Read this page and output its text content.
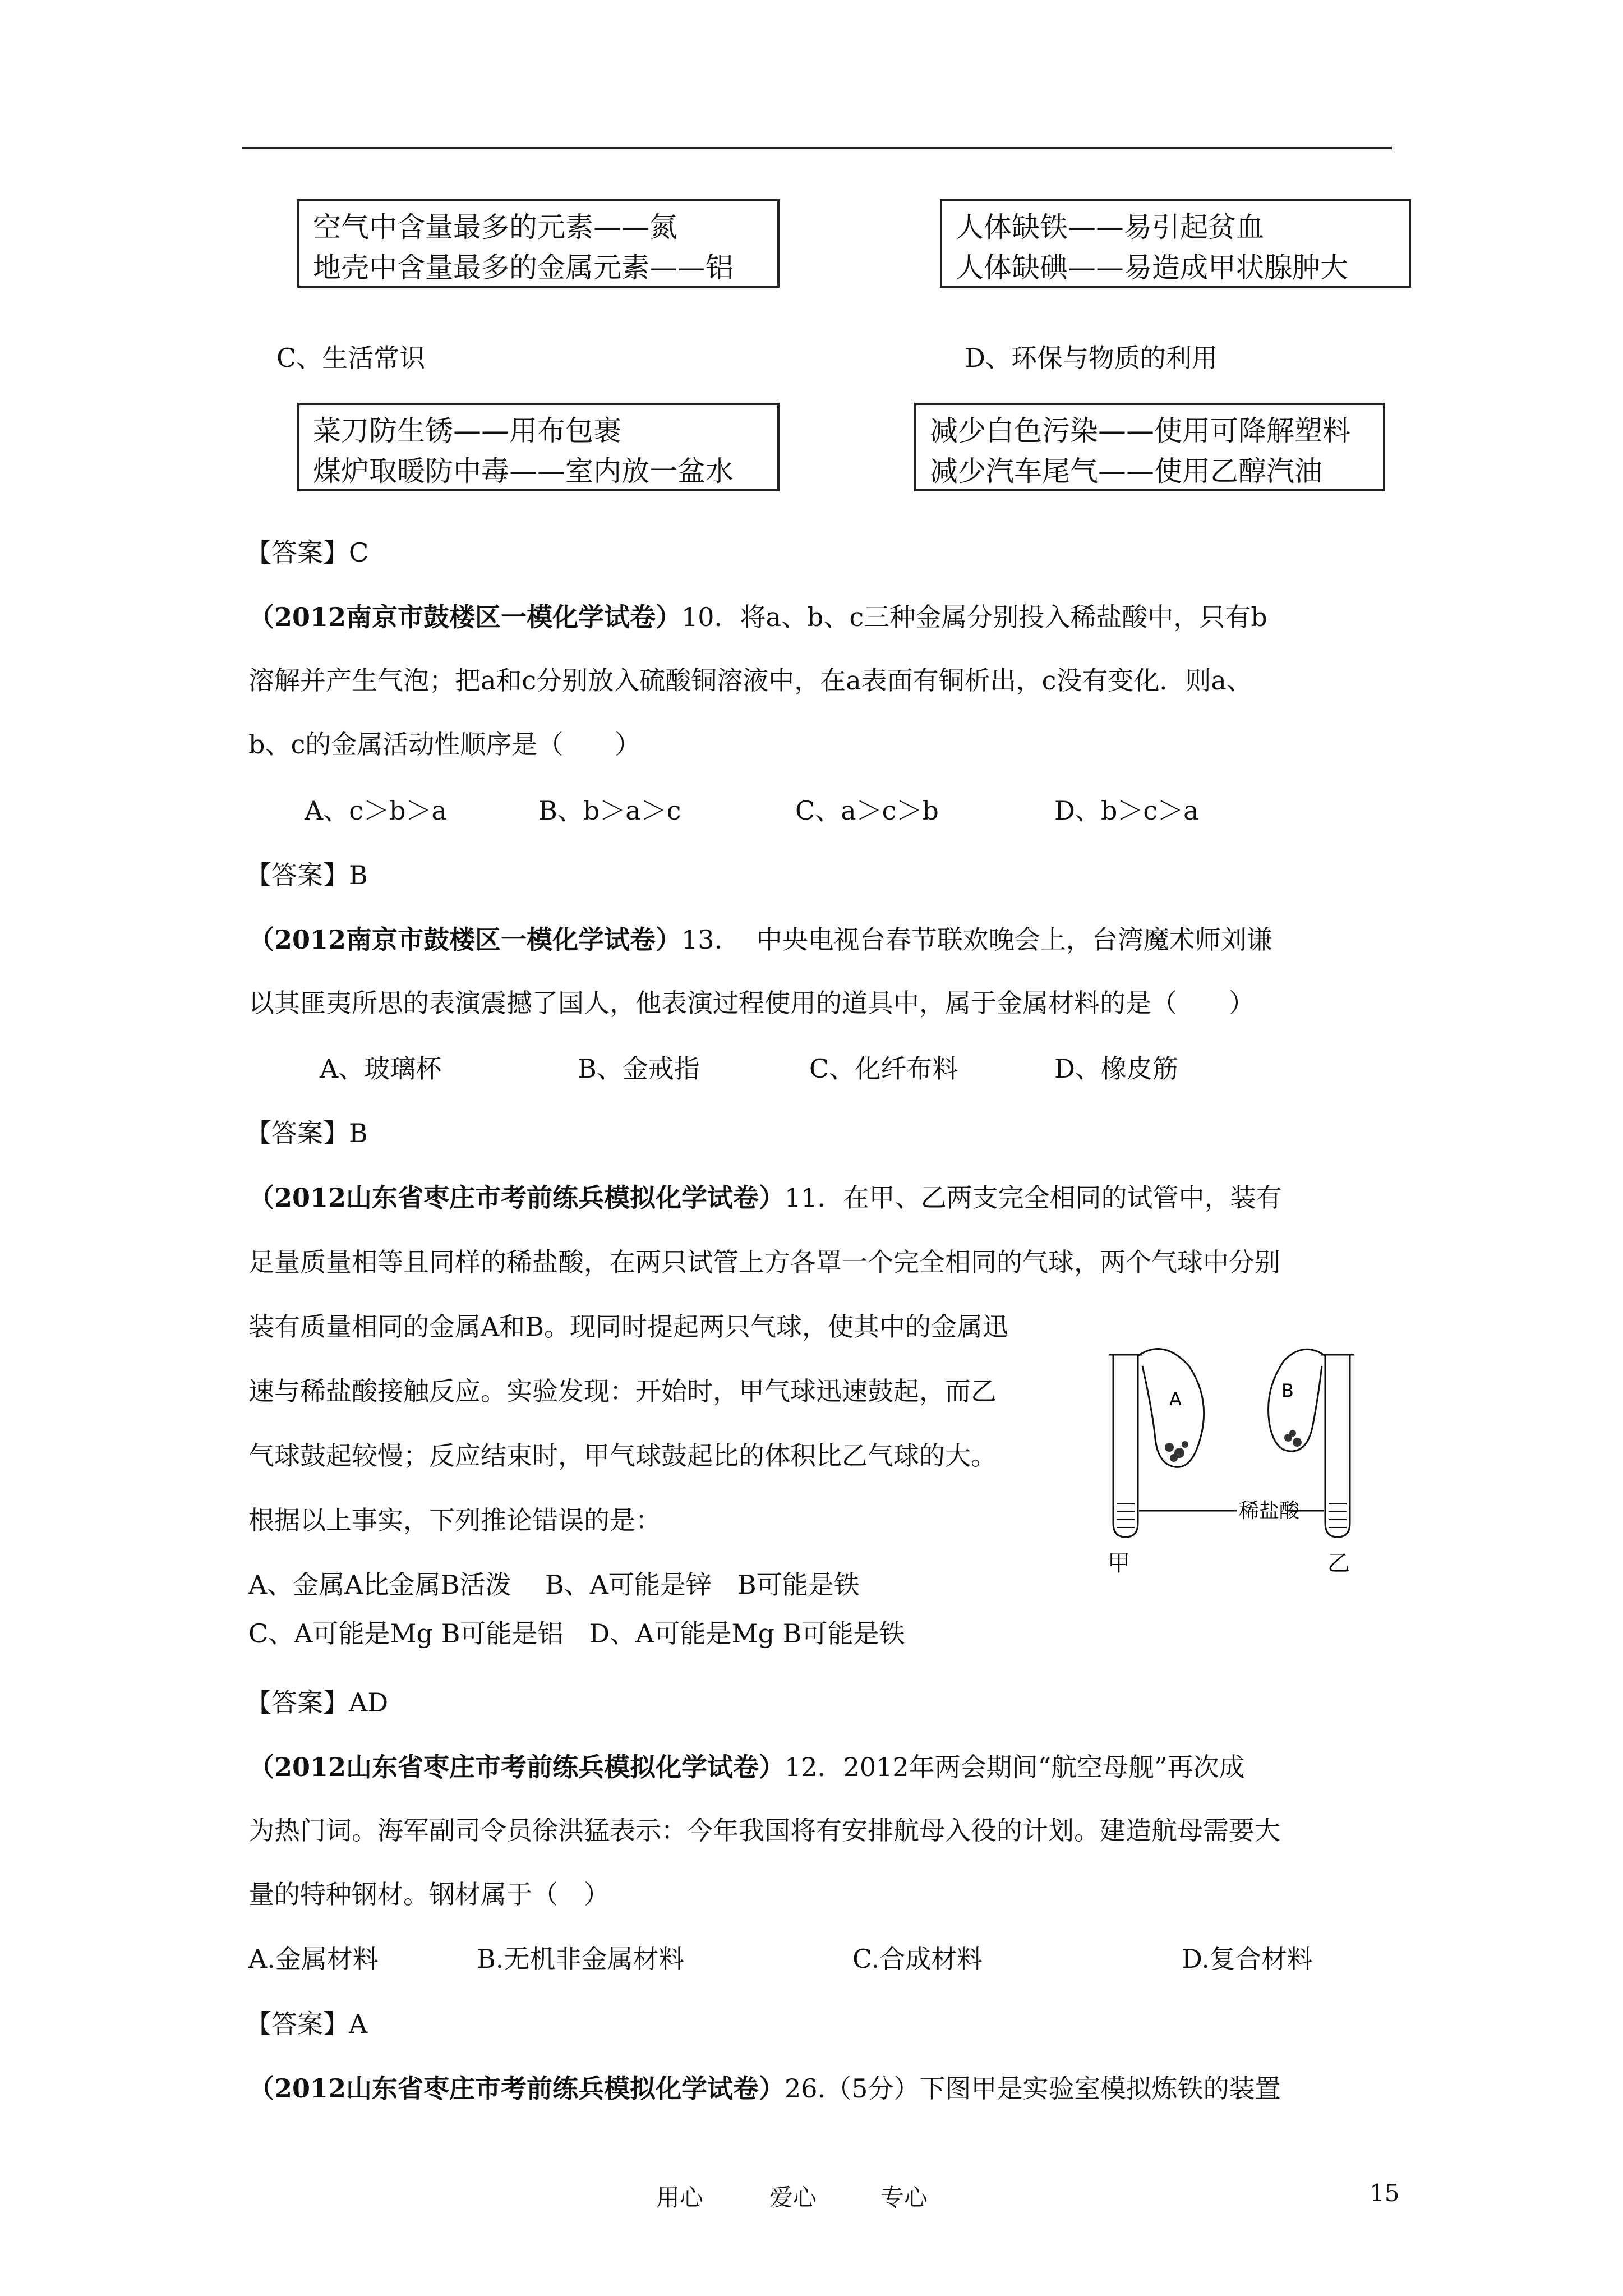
空气中含量最多的元素——氮
地壳中含量最多的金属元素——铝
人体缺铁——易引起贫血
人体缺碘——易造成甲状腺肿大
C、生活常识	D、环保与物质的利用
菜刀防生锈——用布包裹
煤炉取暖防中毒——室内放一盆水
减少白色污染——使用可降解塑料
减少汽车尾气——使用乙醇汽油
【答案】C
（2012南京市鼓楼区一模化学试卷）10．将a、b、c三种金属分别投入稀盐酸中，只有b
溶解并产生气泡；把a和c分别放入硫酸铜溶液中，在a表面有铜析出，c没有变化．则a、
b、c的金属活动性顺序是（　　）
A、c＞b＞a	B、b＞a＞c	C、a＞c＞b	D、b＞c＞a
【答案】B
（2012南京市鼓楼区一模化学试卷）13.　 中央电视台春节联欢晚会上，台湾魔术师刘谦
以其匪夷所思的表演震撼了国人，他表演过程使用的道具中，属于金属材料的是（　　）
A、玻璃杯	B、金戒指	C、化纤布料	D、橡皮筋
【答案】B
（2012山东省枣庄市考前练兵模拟化学试卷）11．在甲、乙两支完全相同的试管中，装有
足量质量相等且同样的稀盐酸，在两只试管上方各罩一个完全相同的气球，两个气球中分别
装有质量相同的金属A和B。现同时提起两只气球，使其中的金属迅
速与稀盐酸接触反应。实验发现：开始时，甲气球迅速鼓起，而乙
气球鼓起较慢；反应结束时，甲气球鼓起比的体积比乙气球的大。
根据以上事实，下列推论错误的是：
A	B
稀盐酸
甲	乙
A、金属A比金属B活泼　 B、A可能是锌　B可能是铁
C、A可能是Mg B可能是铝　D、A可能是Mg B可能是铁
【答案】AD
（2012山东省枣庄市考前练兵模拟化学试卷）12．2012年两会期间“航空母舰”再次成
为热门词。海军副司令员徐洪猛表示：今年我国将有安排航母入役的计划。建造航母需要大
量的特种钢材。钢材属于（　）
A.金属材料	B.无机非金属材料	C.合成材料	D.复合材料
【答案】A
（2012山东省枣庄市考前练兵模拟化学试卷）26.（5分）下图甲是实验室模拟炼铁的装置
用心	爱心	专心	15
